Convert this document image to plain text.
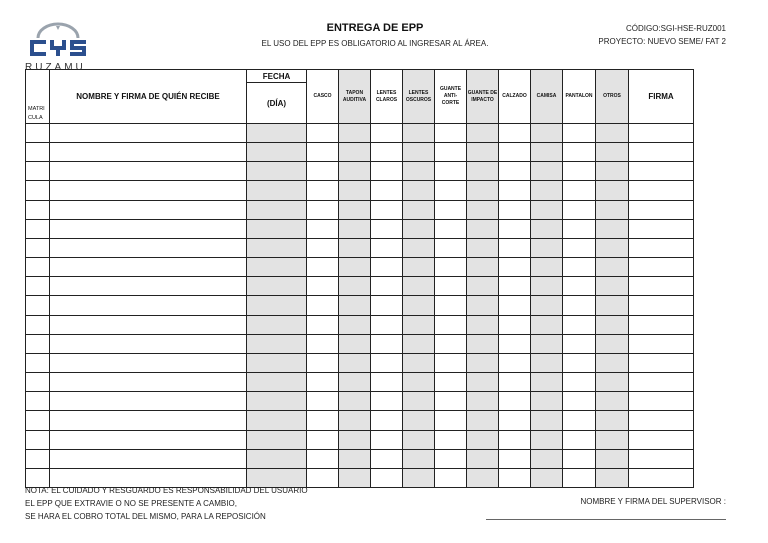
RUZAMU
ENTREGA DE EPP
EL USO DEL EPP ES OBLIGATORIO AL INGRESAR AL ÁREA.
CÓDIGO:SGI-HSE-RUZ001
PROYECTO: NUEVO SEME/ FAT 2
MATRI CULA	NOMBRE Y FIRMA DE QUIÉN RECIBE	FECHA	CASCO	TAPON AUDITIVA	LENTES CLAROS	LENTES OSCUROS	GUANTE ANTI- CORTE	GUANTE DE IMPACTO	CALZADO	CAMISA	PANTALON	OTROS	FIRMA
		(DÍA)											

NOTA: EL CUIDADO Y RESGUARDO ES RESPONSABILIDAD DEL USUARIO
EL EPP QUE EXTRAVIE O NO SE PRESENTE A CAMBIO,
SE HARA EL COBRO TOTAL DEL MISMO, PARA LA REPOSICIÓN
NOMBRE Y FIRMA DEL SUPERVISOR :
